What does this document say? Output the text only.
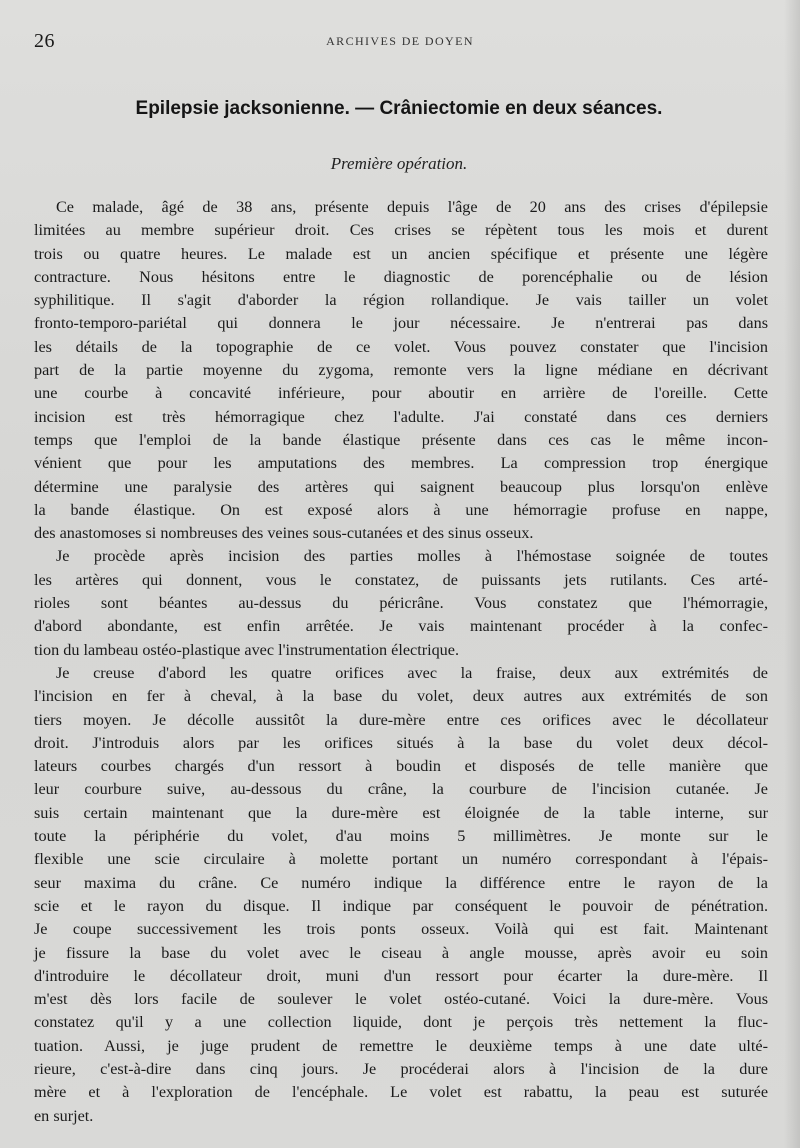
26	ARCHIVES DE DOYEN
Epilepsie jacksonienne. — Crâniectomie en deux séances.
Première opération.
Ce malade, âgé de 38 ans, présente depuis l'âge de 20 ans des crises d'épilepsie
limitées au membre supérieur droit. Ces crises se répètent tous les mois et durent
trois ou quatre heures. Le malade est un ancien spécifique et présente une légère
contracture. Nous hésitons entre le diagnostic de porencéphalie ou de lésion
syphilitique. Il s'agit d'aborder la région rollandique. Je vais tailler un volet
fronto-temporo-pariétal qui donnera le jour nécessaire. Je n'entrerai pas dans
les détails de la topographie de ce volet. Vous pouvez constater que l'incision
part de la partie moyenne du zygoma, remonte vers la ligne médiane en décrivant
une courbe à concavité inférieure, pour aboutir en arrière de l'oreille. Cette
incision est très hémorragique chez l'adulte. J'ai constaté dans ces derniers
temps que l'emploi de la bande élastique présente dans ces cas le même incon-
vénient que pour les amputations des membres. La compression trop énergique
détermine une paralysie des artères qui saignent beaucoup plus lorsqu'on enlève
la bande élastique. On est exposé alors à une hémorragie profuse en nappe,
des anastomoses si nombreuses des veines sous-cutanées et des sinus osseux.
Je procède après incision des parties molles à l'hémostase soignée de toutes
les artères qui donnent, vous le constatez, de puissants jets rutilants. Ces arté-
rioles sont béantes au-dessus du péricrâne. Vous constatez que l'hémorragie,
d'abord abondante, est enfin arrêtée. Je vais maintenant procéder à la confec-
tion du lambeau ostéo-plastique avec l'instrumentation électrique.
Je creuse d'abord les quatre orifices avec la fraise, deux aux extrémités de
l'incision en fer à cheval, à la base du volet, deux autres aux extrémités de son
tiers moyen. Je décolle aussitôt la dure-mère entre ces orifices avec le décollateur
droit. J'introduis alors par les orifices situés à la base du volet deux décol-
lateurs courbes chargés d'un ressort à boudin et disposés de telle manière que
leur courbure suive, au-dessous du crâne, la courbure de l'incision cutanée. Je
suis certain maintenant que la dure-mère est éloignée de la table interne, sur
toute la périphérie du volet, d'au moins 5 millimètres. Je monte sur le
flexible une scie circulaire à molette portant un numéro correspondant à l'épais-
seur maxima du crâne. Ce numéro indique la différence entre le rayon de la
scie et le rayon du disque. Il indique par conséquent le pouvoir de pénétration.
Je coupe successivement les trois ponts osseux. Voilà qui est fait. Maintenant
je fissure la base du volet avec le ciseau à angle mousse, après avoir eu soin
d'introduire le décollateur droit, muni d'un ressort pour écarter la dure-mère. Il
m'est dès lors facile de soulever le volet ostéo-cutané. Voici la dure-mère. Vous
constatez qu'il y a une collection liquide, dont je perçois très nettement la fluc-
tuation. Aussi, je juge prudent de remettre le deuxième temps à une date ulté-
rieure, c'est-à-dire dans cinq jours. Je procéderai alors à l'incision de la dure
mère et à l'exploration de l'encéphale. Le volet est rabattu, la peau est suturée
en surjet.
